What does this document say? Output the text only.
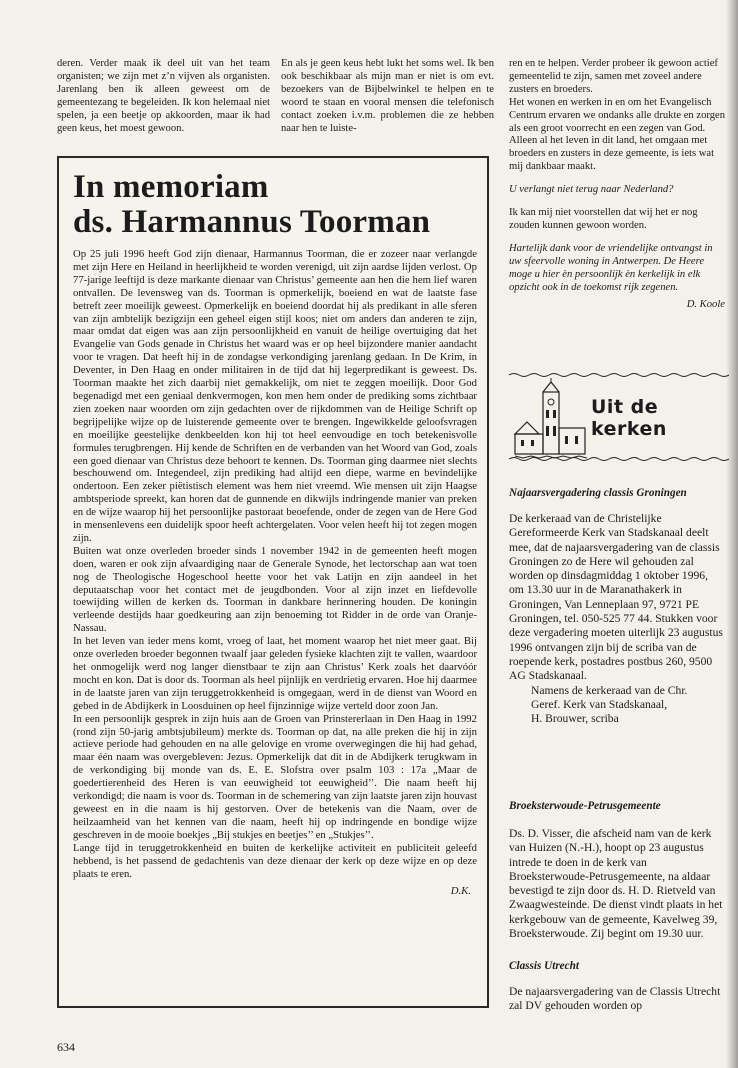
deren. Verder maak ik deel uit van het team organisten; we zijn met z’n vijven als organisten. Jarenlang ben ik alleen geweest om de gemeentezang te begeleiden. Ik kon helemaal niet spelen, ja een beetje op akkoorden, maar ik had geen keus, het moest gewoon.

En als je geen keus hebt lukt het soms wel. Ik ben ook beschikbaar als mijn man er niet is om evt. bezoekers van de Bijbelwinkel te helpen en te woord te staan en vooral mensen die telefonisch contact zoeken i.v.m. problemen die ze hebben naar hen te luiste-

In memoriam
ds. Harmannus Toorman

Op 25 juli 1996 heeft God zijn dienaar, Harmannus Toorman, die er zozeer naar verlangde met zijn Here en Heiland in heerlijkheid te worden verenigd, uit zijn aardse lijden verlost. Op 77-jarige leeftijd is deze markante dienaar van Christus’ gemeente aan hen die hem lief waren ontvallen. De levensweg van ds. Toorman is opmerkelijk, boeiend en wat de laatste fase betreft zeer moeilijk geweest. Opmerkelijk en boeiend doordat hij als predikant in alle sferen van zijn ambtelijk bezigzijn een geheel eigen stijl koos; niet om anders dan anderen te zijn, maar omdat dat eigen was aan zijn persoonlijkheid en vanuit de heilige overtuiging dat het Evangelie van Gods genade in Christus het waard was er op heel bijzondere manier aandacht voor te vragen. Dat heeft hij in de zondagse verkondiging jarenlang gedaan. In De Krim, in Deventer, in Den Haag en onder militairen in de tijd dat hij legerpredikant is geweest. Ds. Toorman maakte het zich daarbij niet gemakkelijk, om niet te zeggen moeilijk. Door God begenadigd met een geniaal denkvermogen, kon men hem onder de prediking soms zichtbaar zien zoeken naar woorden om zijn gedachten over de rijkdommen van de Heilige Schrift op begrijpelijke wijze op de luisterende gemeente over te brengen. Ingewikkelde geloofsvragen en moeilijke geestelijke denkbeelden kon hij tot heel eenvoudige en toch betekenisvolle formules terugbrengen. Hij kende de Schriften en de verbanden van het Woord van God, zoals een goed dienaar van Christus deze behoort te kennen. Ds. Toorman ging daarmee niet slechts beschouwend om. Integendeel, zijn prediking had altijd een diepe, warme en bevindelijke ondertoon. Een zeker piëtistisch element was hem niet vreemd. Wie mensen uit zijn Haagse ambtsperiode spreekt, kan horen dat de gunnende en dikwijls indringende manier van preken en de wijze waarop hij het persoonlijke pastoraat beoefende, onder de zegen van de Here God in mensenlevens een duidelijk spoor heeft achtergelaten. Voor velen heeft hij tot zegen mogen zijn.

Buiten wat onze overleden broeder sinds 1 november 1942 in de gemeenten heeft mogen doen, waren er ook zijn afvaardiging naar de Generale Synode, het lectorschap aan wat toen nog de Theologische Hogeschool heette voor het vak Latijn en zijn aandeel in het deputaatschap voor het contact met de jeugdbonden. Voor al zijn inzet en liefdevolle toewijding willen de kerken ds. Toorman in dankbare herinnering houden. De koningin verleende destijds haar goedkeuring aan zijn benoeming tot Ridder in de orde van Oranje-Nassau.

In het leven van ieder mens komt, vroeg of laat, het moment waarop het niet meer gaat. Bij onze overleden broeder begonnen twaalf jaar geleden fysieke klachten zijt te vallen, waardoor het onmogelijk werd nog langer dienstbaar te zijn aan Christus’ Kerk zoals het daarvóór mocht en kon. Dat is door ds. Toorman als heel pijnlijk en verdrietig ervaren. Hoe hij daarmee in de laatste jaren van zijn teruggetrokkenheid is omgegaan, werd in de dienst van Woord en gebed in de Abdijkerk in Loosduinen op heel fijnzinnige wijze verteld door zoon Jan.

In een persoonlijk gesprek in zijn huis aan de Groen van Prinstererlaan in Den Haag in 1992 (rond zijn 50-jarig ambtsjubileum) merkte ds. Toorman op dat, na alle preken die hij in zijn actieve periode had gehouden en na alle gelovige en vrome overwegingen die hij had gehad, maar één naam was overgebleven: Jezus. Opmerkelijk dat dit in de Abdijkerk terugkwam in de verkondiging bij monde van ds. E. E. Slofstra over psalm 103 : 17a „Maar de goedertierenheid des Heren is van eeuwigheid tot eeuwigheid’’. Die naam heeft hij verkondigd; die naam is voor ds. Toorman in de schemering van zijn laatste jaren zijn houvast geweest en in die naam is hij gestorven. Over de betekenis van die Naam, over de heilzaamheid van het kennen van die naam, heeft hij op indringende en bondige wijze geschreven in de mooie boekjes „Bij stukjes en beetjes’’ en „Stukjes’’.

Lange tijd in teruggetrokkenheid en buiten de kerkelijke activiteit en publiciteit geleefd hebbend, is het passend de gedachtenis van deze dienaar der kerk op deze wijze en op deze plaats te eren.

D.K.

ren en te helpen. Verder probeer ik gewoon actief gemeentelid te zijn, samen met zoveel andere zusters en broeders.

Het wonen en werken in en om het Evangelisch Centrum ervaren we ondanks alle drukte en zorgen als een groot voorrecht en een zegen van God. Alleen al het leven in dit land, het omgaan met broeders en zusters in deze gemeente, is iets wat mij dankbaar maakt.

U verlangt niet terug naar Nederland?

Ik kan mij niet voorstellen dat wij het er nog zouden kunnen gewoon worden.

Hartelijk dank voor de vriendelijke ontvangst in uw sfeervolle woning in Antwerpen. De Heere moge u hier èn persoonlijk èn kerkelijk in elk opzicht ook in de toekomst rijk zegenen.

D. Koole
Uit de kerken
Najaarsvergadering classis Groningen

De kerkeraad van de Christelijke Gereformeerde Kerk van Stadskanaal deelt mee, dat de najaarsvergadering van de classis Groningen zo de Here wil gehouden zal worden op dinsdagmiddag 1 oktober 1996, om 13.30 uur in de Maranathakerk in Groningen, Van Lenneplaan 97, 9721 PE Groningen, tel. 050-525 77 44. Stukken voor deze vergadering moeten uiterlijk 23 augustus 1996 ontvangen zijn bij de scriba van de roepende kerk, postadres postbus 260, 9500 AG Stadskanaal.

Namens de kerkeraad van de Chr.

Geref. Kerk van Stadskanaal,

H. Brouwer, scriba

Broeksterwoude-Petrusgemeente

Ds. D. Visser, die afscheid nam van de kerk van Huizen (N.-H.), hoopt op 23 augustus intrede te doen in de kerk van Broeksterwoude-Petrusgemeente, na aldaar bevestigd te zijn door ds. H. D. Rietveld van Zwaagwesteinde. De dienst vindt plaats in het kerkgebouw van de gemeente, Kavelweg 39, Broeksterwoude. Zij begint om 19.30 uur.

Classis Utrecht

De najaarsvergadering van de Classis Utrecht zal DV gehouden worden op

634
